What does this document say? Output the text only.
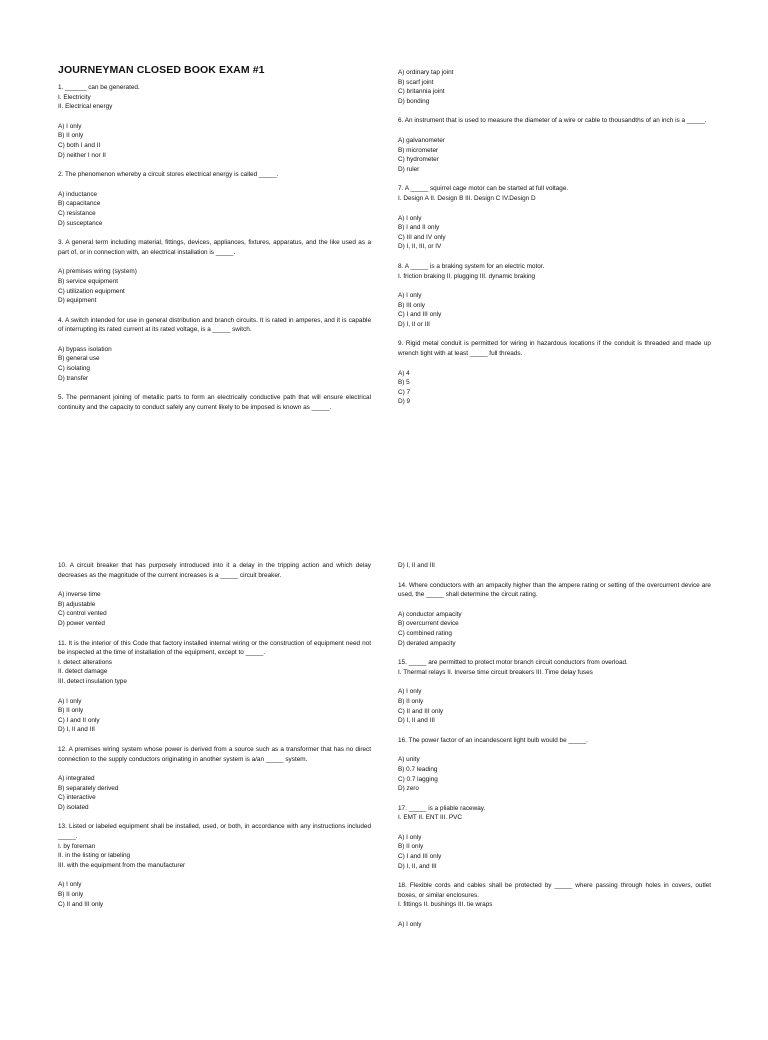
JOURNEYMAN CLOSED BOOK EXAM #1
1. ______ can be generated.
I. Electricity
II. Electrical energy
A) I only
B) II only
C) both I and II
D) neither I nor II
2. The phenomenon whereby a circuit stores electrical energy is called _____.
A) inductance
B) capacitance
C) resistance
D) susceptance
3. A general term including material, fittings, devices, appliances, fixtures, apparatus, and the like used as a part of, or in connection with, an electrical installation is _____.
A) premises wiring (system)
B) service equipment
C) utilization equipment
D) equipment
4. A switch intended for use in general distribution and branch circuits. It is rated in amperes, and it is capable of interrupting its rated current at its rated voltage, is a _____ switch.
A) bypass isolation
B) general use
C) isolating
D) transfer
5. The permanent joining of metallic parts to form an electrically conductive path that will ensure electrical continuity and the capacity to conduct safely any current likely to be imposed is known as _____.
A) ordinary tap joint
B) scarf joint
C) britannia joint
D) bonding
6. An instrument that is used to measure the diameter of a wire or cable to thousandths of an inch is a _____.
A) galvanometer
B) micrometer
C) hydrometer
D) ruler
7. A _____ squirrel cage motor can be started at full voltage.
I. Design A II. Design B III. Design C IV.Design D
A) I only
B) I and II only
C) III and IV only
D) I, II, III, or IV
8. A _____ is a braking system for an electric motor.
I. friction braking II. plugging III. dynamic braking
A) I only
B) III only
C) I and III only
D) I, II or III
9. Rigid metal conduit is permitted for wiring in hazardous locations if the conduit is threaded and made up wrench tight with at least _____ full threads.
A) 4
B) 5
C) 7
D) 9
10. A circuit breaker that has purposely introduced into it a delay in the tripping action and which delay decreases as the magnitude of the current increases is a _____ circuit breaker.
A) inverse time
B) adjustable
C) control vented
D) power vented
11. It is the interior of this Code that factory installed internal wiring or the construction of equipment need not be inspected at the time of installation of the equipment, except to _____.
I. detect alterations
II. detect damage
III. detect insulation type
A) I only
B) II only
C) I and II only
D) I, II and III
12. A premises wiring system whose power is derived from a source such as a transformer that has no direct connection to the supply conductors originating in another system is a/an _____ system.
A) integrated
B) separately derived
C) interactive
D) isolated
13. Listed or labeled equipment shall be installed, used, or both, in accordance with any instructions included _____.
I. by foreman
II. in the listing or labeling
III. with the equipment from the manufacturer
A) I only
B) II only
C) II and III only
D) I, II and III
14. Where conductors with an ampacity higher than the ampere rating or setting of the overcurrent device are used, the _____ shall determine the circuit rating.
A) conductor ampacity
B) overcurrent device
C) combined rating
D) derated ampacity
15. _____ are permitted to protect motor branch circuit conductors from overload.
I. Thermal relays II. Inverse time circuit breakers III. Time delay fuses
A) I only
B) II only
C) II and III only
D) I, II and III
16. The power factor of an incandescent light bulb would be _____.
A) unity
B) 0.7 leading
C) 0.7 lagging
D) zero
17. _____ is a pliable raceway.
I. EMT II. ENT III. PVC
A) I only
B) II only
C) I and III only
D) I, II, and III
18. Flexible cords and cables shall be protected by _____ where passing through holes in covers, outlet boxes, or similar enclosures.
I. fittings II. bushings III. tie wraps
A) I only
